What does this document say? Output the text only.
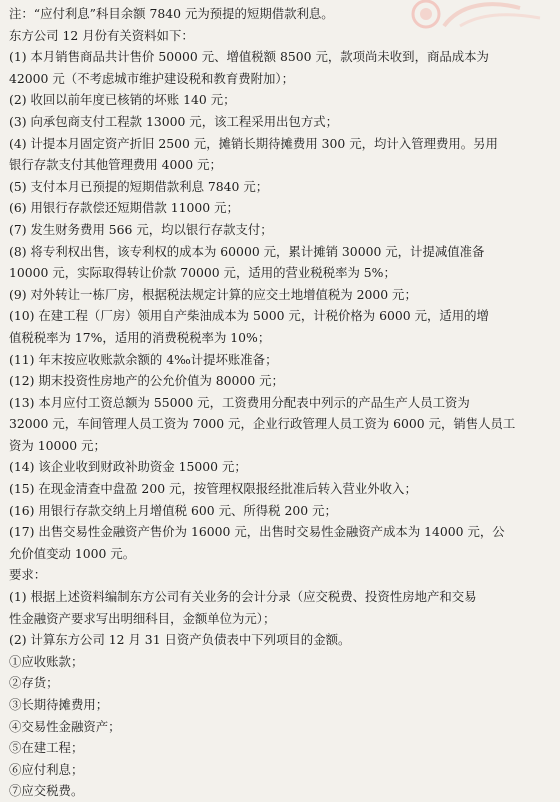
注：“应付利息”科目余额 7840 元为预提的短期借款利息。
东方公司 12 月份有关资料如下：
(1) 本月销售商品共计售价 50000 元、增值税额 8500 元，款项尚未收到，商品成本为
42000 元（不考虑城市维护建设税和教育费附加）；
(2) 收回以前年度已核销的坏账 140 元；
(3) 向承包商支付工程款 13000 元，该工程采用出包方式；
(4) 计提本月固定资产折旧 2500 元，摊销长期待摊费用 300 元，均计入管理费用。另用
银行存款支付其他管理费用 4000 元；
(5) 支付本月已预提的短期借款利息 7840 元；
(6) 用银行存款偿还短期借款 11000 元；
(7) 发生财务费用 566 元，均以银行存款支付；
(8) 将专利权出售，该专利权的成本为 60000 元，累计摊销 30000 元，计提减值准备
10000 元，实际取得转让价款 70000 元，适用的营业税税率为 5%；
(9) 对外转让一栋厂房，根据税法规定计算的应交土地增值税为 2000 元；
(10) 在建工程（厂房）领用自产柴油成本为 5000 元，计税价格为 6000 元，适用的增
值税税率为 17%，适用的消费税税率为 10%；
(11) 年末按应收账款余额的 4‰计提坏账准备；
(12) 期末投资性房地产的公允价值为 80000 元；
(13) 本月应付工资总额为 55000 元，工资费用分配表中列示的产品生产人员工资为
32000 元，车间管理人员工资为 7000 元，企业行政管理人员工资为 6000 元，销售人员工
资为 10000 元；
(14) 该企业收到财政补助资金 15000 元；
(15) 在现金清查中盘盈 200 元，按管理权限报经批准后转入营业外收入；
(16) 用银行存款交纳上月增值税 600 元、所得税 200 元；
(17) 出售交易性金融资产售价为 16000 元，出售时交易性金融资产成本为 14000 元，公
允价值变动 1000 元。
要求：
(1) 根据上述资料编制东方公司有关业务的会计分录（应交税费、投资性房地产和交易
性金融资产要求写出明细科目，金额单位为元）；
(2) 计算东方公司 12 月 31 日资产负债表中下列项目的金额。
①应收账款；
②存货；
③长期待摊费用；
④交易性金融资产；
⑤在建工程；
⑥应付利息；
⑦应交税费。
